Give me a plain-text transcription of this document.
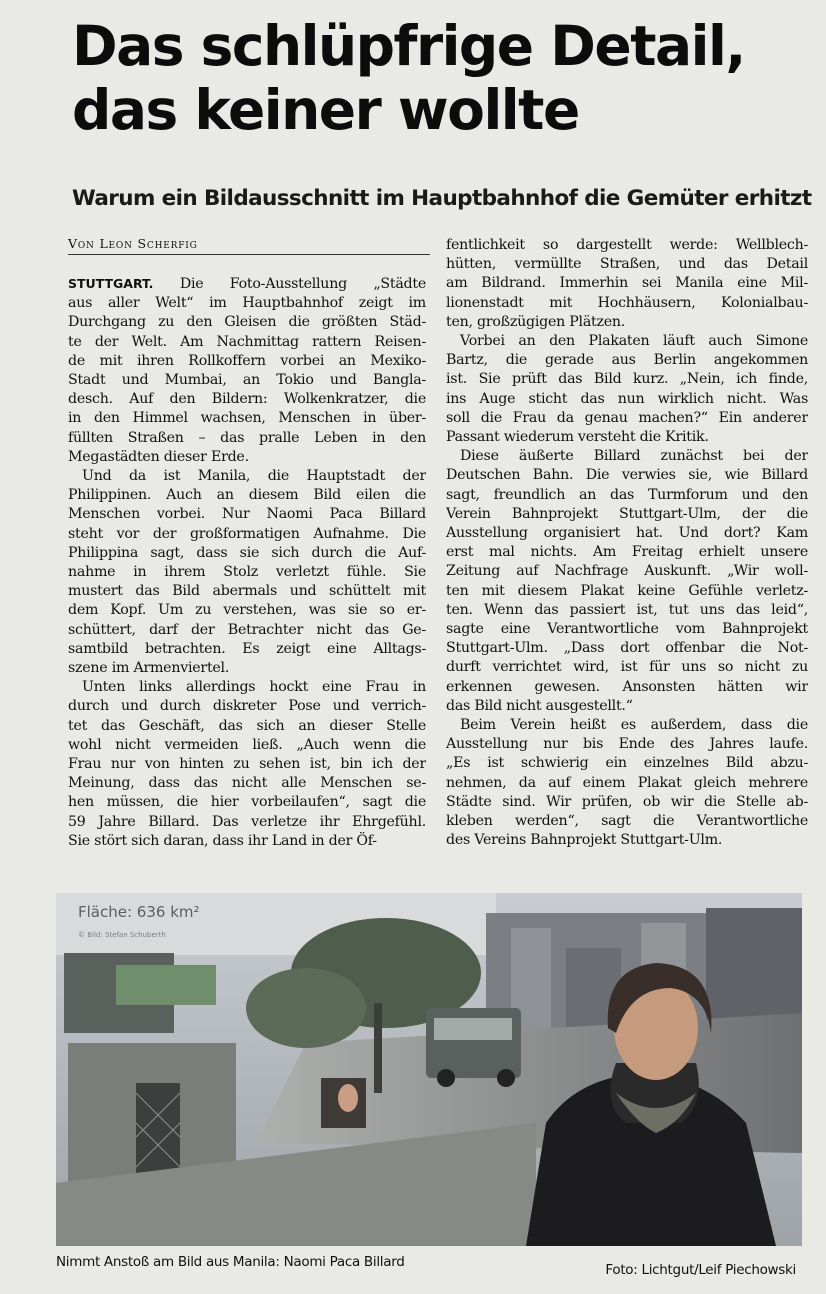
Das schlüpfrige Detail,
das keiner wollte
Warum ein Bildausschnitt im Hauptbahnhof die Gemüter erhitzt
Von Leon Scherfig

STUTTGART. Die Foto-Ausstellung „Städte
aus aller Welt“ im Hauptbahnhof zeigt im
Durchgang zu den Gleisen die größten Städ-
te der Welt. Am Nachmittag rattern Reisen-
de mit ihren Rollkoffern vorbei an Mexiko-
Stadt und Mumbai, an Tokio und Bangla-
desch. Auf den Bildern: Wolkenkratzer, die
in den Himmel wachsen, Menschen in über-
füllten Straßen – das pralle Leben in den
Megastädten dieser Erde.

Und da ist Manila, die Hauptstadt der
Philippinen. Auch an diesem Bild eilen die
Menschen vorbei. Nur Naomi Paca Billard
steht vor der großformatigen Aufnahme. Die
Philippina sagt, dass sie sich durch die Auf-
nahme in ihrem Stolz verletzt fühle. Sie
mustert das Bild abermals und schüttelt mit
dem Kopf. Um zu verstehen, was sie so er-
schüttert, darf der Betrachter nicht das Ge-
samtbild betrachten. Es zeigt eine Alltags-
szene im Armenviertel.

Unten links allerdings hockt eine Frau in
durch und durch diskreter Pose und verrich-
tet das Geschäft, das sich an dieser Stelle
wohl nicht vermeiden ließ. „Auch wenn die
Frau nur von hinten zu sehen ist, bin ich der
Meinung, dass das nicht alle Menschen se-
hen müssen, die hier vorbeilaufen“, sagt die
59 Jahre Billard. Das verletze ihr Ehrgefühl.
Sie stört sich daran, dass ihr Land in der Öf-

fentlichkeit so dargestellt werde: Wellblech-
hütten, vermüllte Straßen, und das Detail
am Bildrand. Immerhin sei Manila eine Mil-
lionenstadt mit Hochhäusern, Kolonialbau-
ten, großzügigen Plätzen.

Vorbei an den Plakaten läuft auch Simone
Bartz, die gerade aus Berlin angekommen
ist. Sie prüft das Bild kurz. „Nein, ich finde,
ins Auge sticht das nun wirklich nicht. Was
soll die Frau da genau machen?“ Ein anderer
Passant wiederum versteht die Kritik.

Diese äußerte Billard zunächst bei der
Deutschen Bahn. Die verwies sie, wie Billard
sagt, freundlich an das Turmforum und den
Verein Bahnprojekt Stuttgart-Ulm, der die
Ausstellung organisiert hat. Und dort? Kam
erst mal nichts. Am Freitag erhielt unsere
Zeitung auf Nachfrage Auskunft. „Wir woll-
ten mit diesem Plakat keine Gefühle verletz-
ten. Wenn das passiert ist, tut uns das leid“,
sagte eine Verantwortliche vom Bahnprojekt
Stuttgart-Ulm. „Dass dort offenbar die Not-
durft verrichtet wird, ist für uns so nicht zu
erkennen gewesen. Ansonsten hätten wir
das Bild nicht ausgestellt.“

Beim Verein heißt es außerdem, dass die
Ausstellung nur bis Ende des Jahres laufe.
„Es ist schwierig ein einzelnes Bild abzu-
nehmen, da auf einem Plakat gleich mehrere
Städte sind. Wir prüfen, ob wir die Stelle ab-
kleben werden“, sagt die Verantwortliche
des Vereins Bahnprojekt Stuttgart-Ulm.

Fläche: 636 km²
© Bild: Stefan Schuberth
Nimmt Anstoß am Bild aus Manila: Naomi Paca Billard	Foto: Lichtgut/Leif Piechowski
